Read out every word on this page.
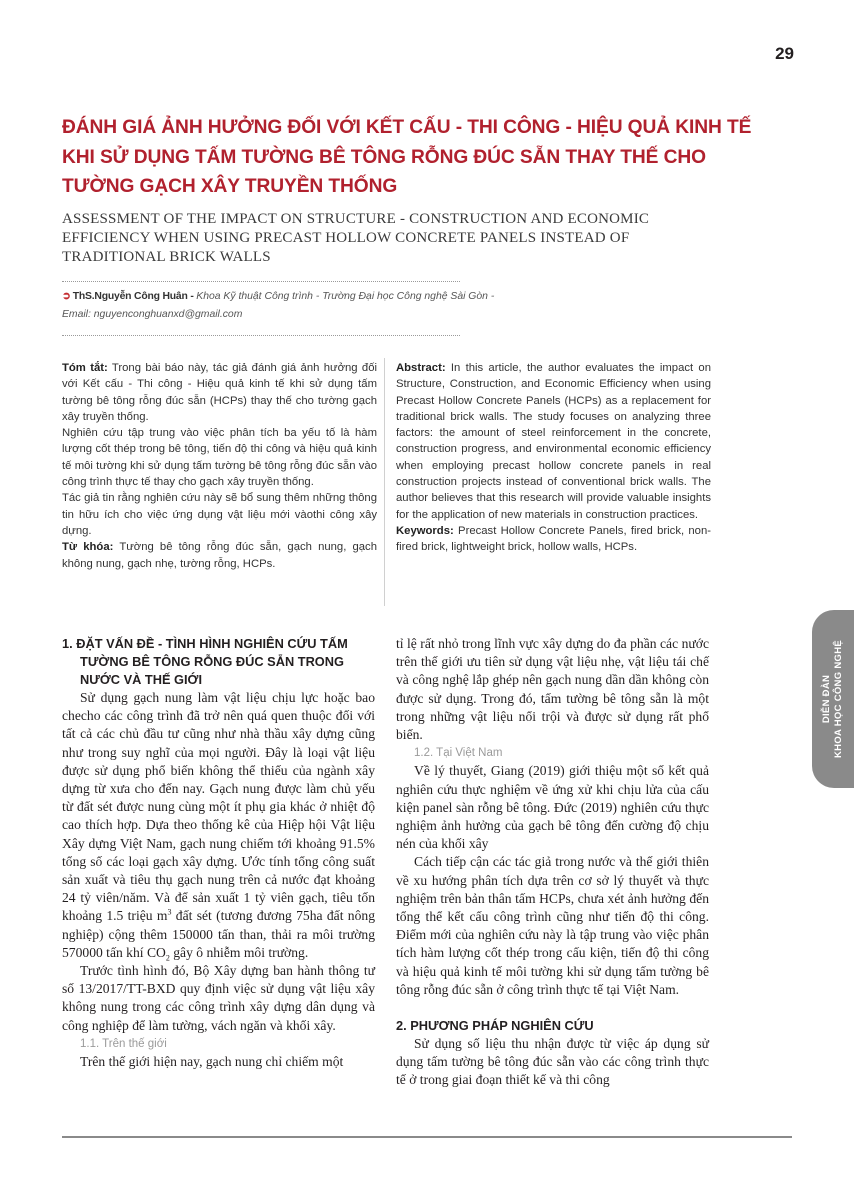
29
ĐÁNH GIÁ ẢNH HƯỞNG ĐỐI VỚI KẾT CẤU - THI CÔNG - HIỆU QUẢ KINH TẾ KHI SỬ DỤNG TẤM TƯỜNG BÊ TÔNG RỖNG ĐÚC SẴN THAY THẾ CHO TƯỜNG GẠCH XÂY TRUYỀN THỐNG
ASSESSMENT OF THE IMPACT ON STRUCTURE - CONSTRUCTION AND ECONOMIC EFFICIENCY WHEN USING PRECAST HOLLOW CONCRETE PANELS INSTEAD OF TRADITIONAL BRICK WALLS
➲ ThS.Nguyễn Công Huân - Khoa Kỹ thuật Công trình - Trường Đại học Công nghệ Sài Gòn -
Email: nguyenconghuanxd@gmail.com

Tóm tắt: Trong bài báo này, tác giả đánh giá ảnh hưởng đối với Kết cấu - Thi công - Hiệu quả kinh tế khi sử dụng tấm tường bê tông rỗng đúc sẵn (HCPs) thay thế cho tường gạch xây truyền thống.

Nghiên cứu tập trung vào việc phân tích ba yếu tố là hàm lượng cốt thép trong bê tông, tiến độ thi công và hiệu quả kinh tế môi tường khi sử dụng tấm tường bê tông rỗng đúc sẵn vào công trình thực tế thay cho gạch xây truyền thống.

Tác giả tin rằng nghiên cứu này sẽ bổ sung thêm những thông tin hữu ích cho việc ứng dụng vật liệu mới vàothi công xây dựng.

Từ khóa: Tường bê tông rỗng đúc sẵn, gạch nung, gạch không nung, gạch nhẹ, tường rỗng, HCPs.

Abstract: In this article, the author evaluates the impact on Structure, Construction, and Economic Efficiency when using Precast Hollow Concrete Panels (HCPs) as a replacement for traditional brick walls. The study focuses on analyzing three factors: the amount of steel reinforcement in the concrete, construction progress, and environmental economic efficiency when employing precast hollow concrete panels in real construction projects instead of conventional brick walls. The author believes that this research will provide valuable insights for the application of new materials in construction practices.

Keywords: Precast Hollow Concrete Panels, fired brick, non-fired brick, lightweight brick, hollow walls, HCPs.

DIỄN ĐÀN KHOA HỌC CÔNG NGHỆ
1. ĐẶT VẤN ĐỀ - TÌNH HÌNH NGHIÊN CỨU TẤM TƯỜNG BÊ TÔNG RỖNG ĐÚC SẴN TRONG NƯỚC VÀ THẾ GIỚI

Sử dụng gạch nung làm vật liệu chịu lực hoặc bao checho các công trình đã trở nên quá quen thuộc đối với tất cả các chủ đầu tư cũng như nhà thầu xây dựng cũng như trong suy nghĩ của mọi người. Đây là loại vật liệu được sử dụng phổ biến không thể thiếu của ngành xây dựng từ xưa cho đến nay. Gạch nung được làm chủ yếu từ đất sét được nung cùng một ít phụ gia khác ở nhiệt độ cao thích hợp. Dựa theo thống kê của Hiệp hội Vật liệu Xây dựng Việt Nam, gạch nung chiếm tới khoảng 91.5% tổng số các loại gạch xây dựng. Ước tính tổng công suất sản xuất và tiêu thụ gạch nung trên cả nước đạt khoảng 24 tỷ viên/năm. Và để sản xuất 1 tỷ viên gạch, tiêu tốn khoảng 1.5 triệu $m^3$ đất sét (tương đương 75ha đất nông nghiệp) cộng thêm 150000 tấn than, thải ra môi trường 570000 tấn khí $CO_2$ gây ô nhiễm môi trường.

Trước tình hình đó, Bộ Xây dựng ban hành thông tư số 13/2017/TT-BXD quy định việc sử dụng vật liệu xây không nung trong các công trình xây dựng dân dụng và công nghiệp để làm tường, vách ngăn và khối xây.

1.1. Trên thế giới

Trên thế giới hiện nay, gạch nung chỉ chiếm một

tỉ lệ rất nhỏ trong lĩnh vực xây dựng do đa phần các nước trên thế giới ưu tiên sử dụng vật liệu nhẹ, vật liệu tái chế và công nghệ lắp ghép nên gạch nung dần dần không còn được sử dụng. Trong đó, tấm tường bê tông sẵn là một trong những vật liệu nổi trội và được sử dụng rất phổ biến.

1.2. Tại Việt Nam

Về lý thuyết, Giang (2019) giới thiệu một số kết quả nghiên cứu thực nghiệm về ứng xử khi chịu lửa của cấu kiện panel sàn rỗng bê tông. Đức (2019) nghiên cứu thực nghiệm ảnh hưởng của gạch bê tông đến cường độ chịu nén của khối xây

Cách tiếp cận các tác giả trong nước và thế giới thiên về xu hướng phân tích dựa trên cơ sở lý thuyết và thực nghiệm trên bản thân tấm HCPs, chưa xét ảnh hưởng đến tổng thể kết cấu công trình cũng như tiến độ thi công. Điểm mới của nghiên cứu này là tập trung vào việc phân tích hàm lượng cốt thép trong cấu kiện, tiến độ thi công và hiệu quả kinh tế môi tường khi sử dụng tấm tường bê tông rỗng đúc sẵn ở công trình thực tế tại Việt Nam.

2. PHƯƠNG PHÁP NGHIÊN CỨU

Sử dụng số liệu thu nhận được từ việc áp dụng sử dụng tấm tường bê tông đúc sẵn vào các công trình thực tế ở trong giai đoạn thiết kế và thi công
